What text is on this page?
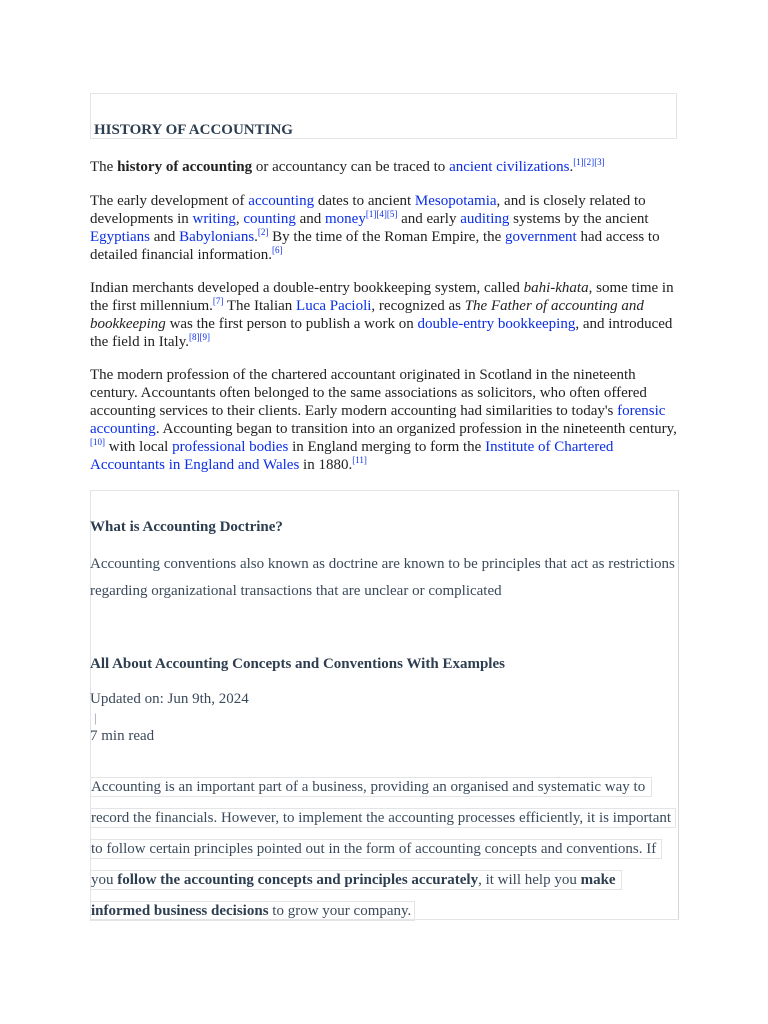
HISTORY OF ACCOUNTING

The history of accounting or accountancy can be traced to ancient civilizations.[1][2][3]

The early development of accounting dates to ancient Mesopotamia, and is closely related to developments in writing, counting and money[1][4][5] and early auditing systems by the ancient Egyptians and Babylonians.[2] By the time of the Roman Empire, the government had access to detailed financial information.[6]

Indian merchants developed a double-entry bookkeeping system, called bahi-khata, some time in the first millennium.[7] The Italian Luca Pacioli, recognized as The Father of accounting and bookkeeping was the first person to publish a work on double-entry bookkeeping, and introduced the field in Italy.[8][9]

The modern profession of the chartered accountant originated in Scotland in the nineteenth century. Accountants often belonged to the same associations as solicitors, who often offered accounting services to their clients. Early modern accounting had similarities to today's forensic accounting. Accounting began to transition into an organized profession in the nineteenth century,[10] with local professional bodies in England merging to form the Institute of Chartered Accountants in England and Wales in 1880.[11]

What is Accounting Doctrine?

Accounting conventions also known as doctrine are known to be principles that act as restrictions regarding organizational transactions that are unclear or complicated

All About Accounting Concepts and Conventions With Examples

Updated on: Jun 9th, 2024
|
7 min read
Accounting is an important part of a business, providing an organised and systematic way to
record the financials. However, to implement the accounting processes efficiently, it is important
to follow certain principles pointed out in the form of accounting concepts and conventions. If
you follow the accounting concepts and principles accurately, it will help you make
informed business decisions to grow your company.
